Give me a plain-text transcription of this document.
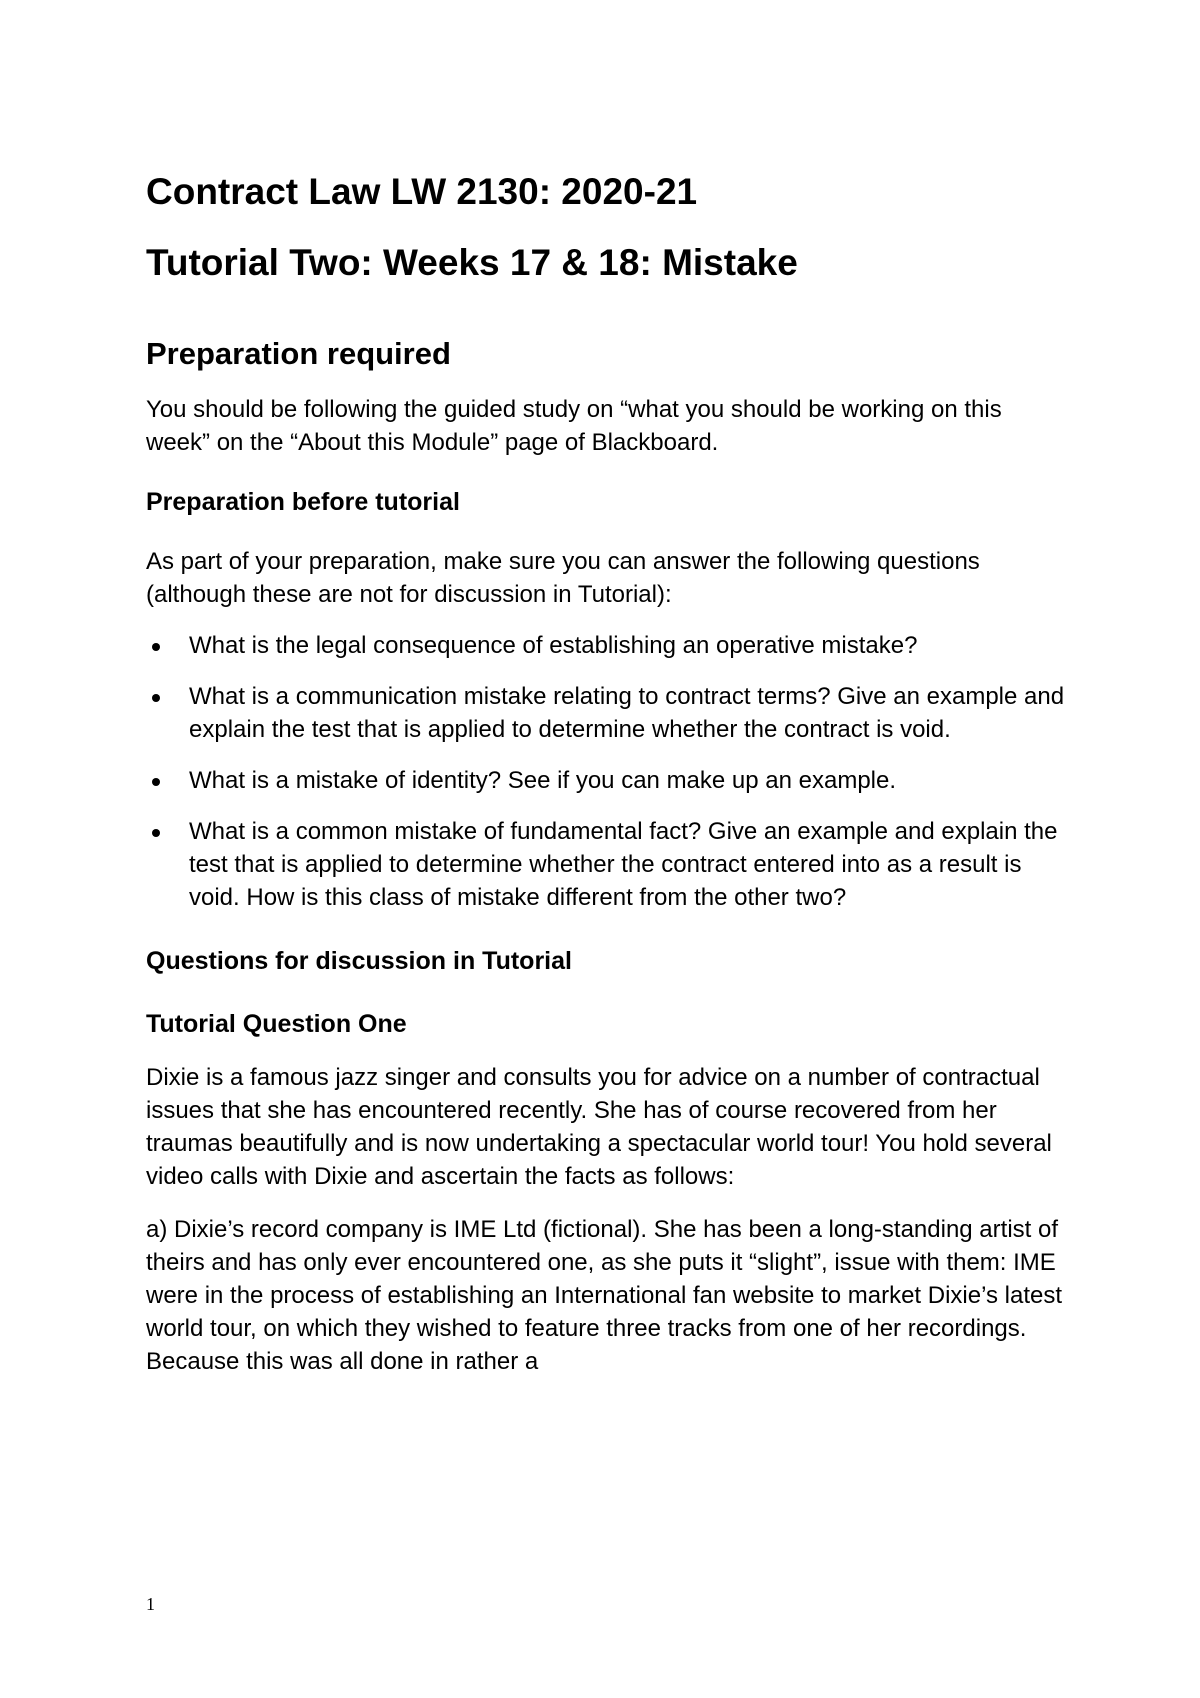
Contract Law LW 2130: 2020-21
Tutorial Two: Weeks 17 & 18: Mistake
Preparation required

You should be following the guided study on “what you should be working on this week” on the “About this Module” page of Blackboard.

Preparation before tutorial

As part of your preparation, make sure you can answer the following questions (although these are not for discussion in Tutorial):

What is the legal consequence of establishing an operative mistake?
What is a communication mistake relating to contract terms? Give an example and explain the test that is applied to determine whether the contract is void.
What is a mistake of identity? See if you can make up an example.
What is a common mistake of fundamental fact? Give an example and explain the test that is applied to determine whether the contract entered into as a result is void. How is this class of mistake different from the other two?
Questions for discussion in Tutorial
Tutorial Question One

Dixie is a famous jazz singer and consults you for advice on a number of contractual issues that she has encountered recently. She has of course recovered from her traumas beautifully and is now undertaking a spectacular world tour! You hold several video calls with Dixie and ascertain the facts as follows:

a) Dixie’s record company is IME Ltd (fictional). She has been a long-standing artist of theirs and has only ever encountered one, as she puts it “slight”, issue with them: IME were in the process of establishing an International fan website to market Dixie’s latest world tour, on which they wished to feature three tracks from one of her recordings. Because this was all done in rather a

1
